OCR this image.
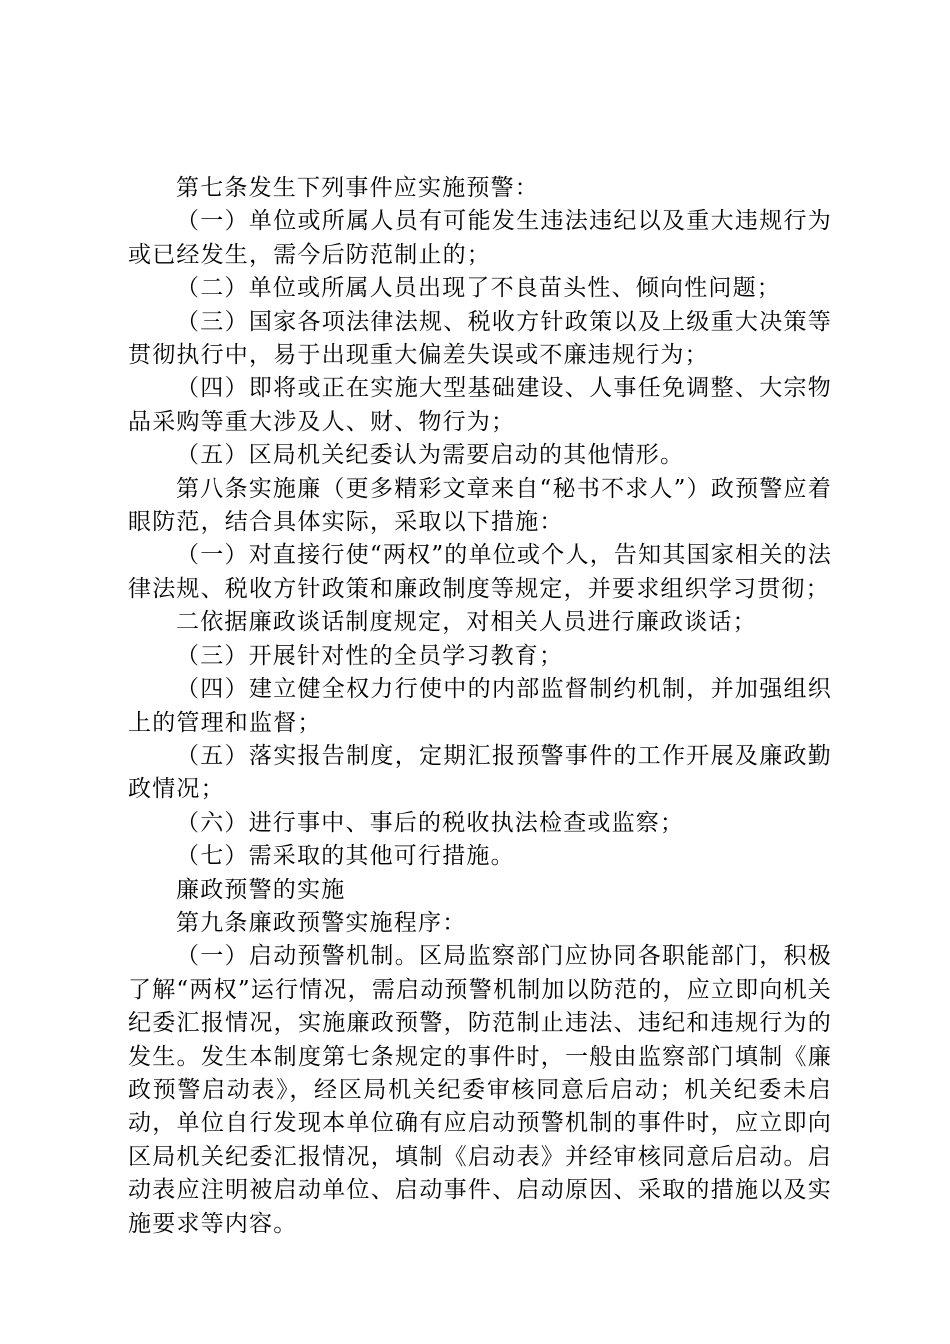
第七条发生下列事件应实施预警：

（一）单位或所属人员有可能发生违法违纪以及重大违规行为或已经发生，需今后防范制止的；

（二）单位或所属人员出现了不良苗头性、倾向性问题；

（三）国家各项法律法规、税收方针政策以及上级重大决策等贯彻执行中，易于出现重大偏差失误或不廉违规行为；

（四）即将或正在实施大型基础建设、人事任免调整、大宗物品采购等重大涉及人、财、物行为；

（五）区局机关纪委认为需要启动的其他情形。

第八条实施廉（更多精彩文章来自“秘书不求人”）政预警应着眼防范，结合具体实际，采取以下措施：

（一）对直接行使“两权”的单位或个人，告知其国家相关的法律法规、税收方针政策和廉政制度等规定，并要求组织学习贯彻；

二依据廉政谈话制度规定，对相关人员进行廉政谈话；

（三）开展针对性的全员学习教育；

（四）建立健全权力行使中的内部监督制约机制，并加强组织上的管理和监督；

（五）落实报告制度，定期汇报预警事件的工作开展及廉政勤政情况；

（六）进行事中、事后的税收执法检查或监察；

（七）需采取的其他可行措施。

廉政预警的实施

第九条廉政预警实施程序：

（一）启动预警机制。区局监察部门应协同各职能部门，积极了解“两权”运行情况，需启动预警机制加以防范的，应立即向机关纪委汇报情况，实施廉政预警，防范制止违法、违纪和违规行为的发生。发生本制度第七条规定的事件时，一般由监察部门填制《廉政预警启动表》，经区局机关纪委审核同意后启动；机关纪委未启动，单位自行发现本单位确有应启动预警机制的事件时，应立即向区局机关纪委汇报情况，填制《启动表》并经审核同意后启动。启动表应注明被启动单位、启动事件、启动原因、采取的措施以及实施要求等内容。
